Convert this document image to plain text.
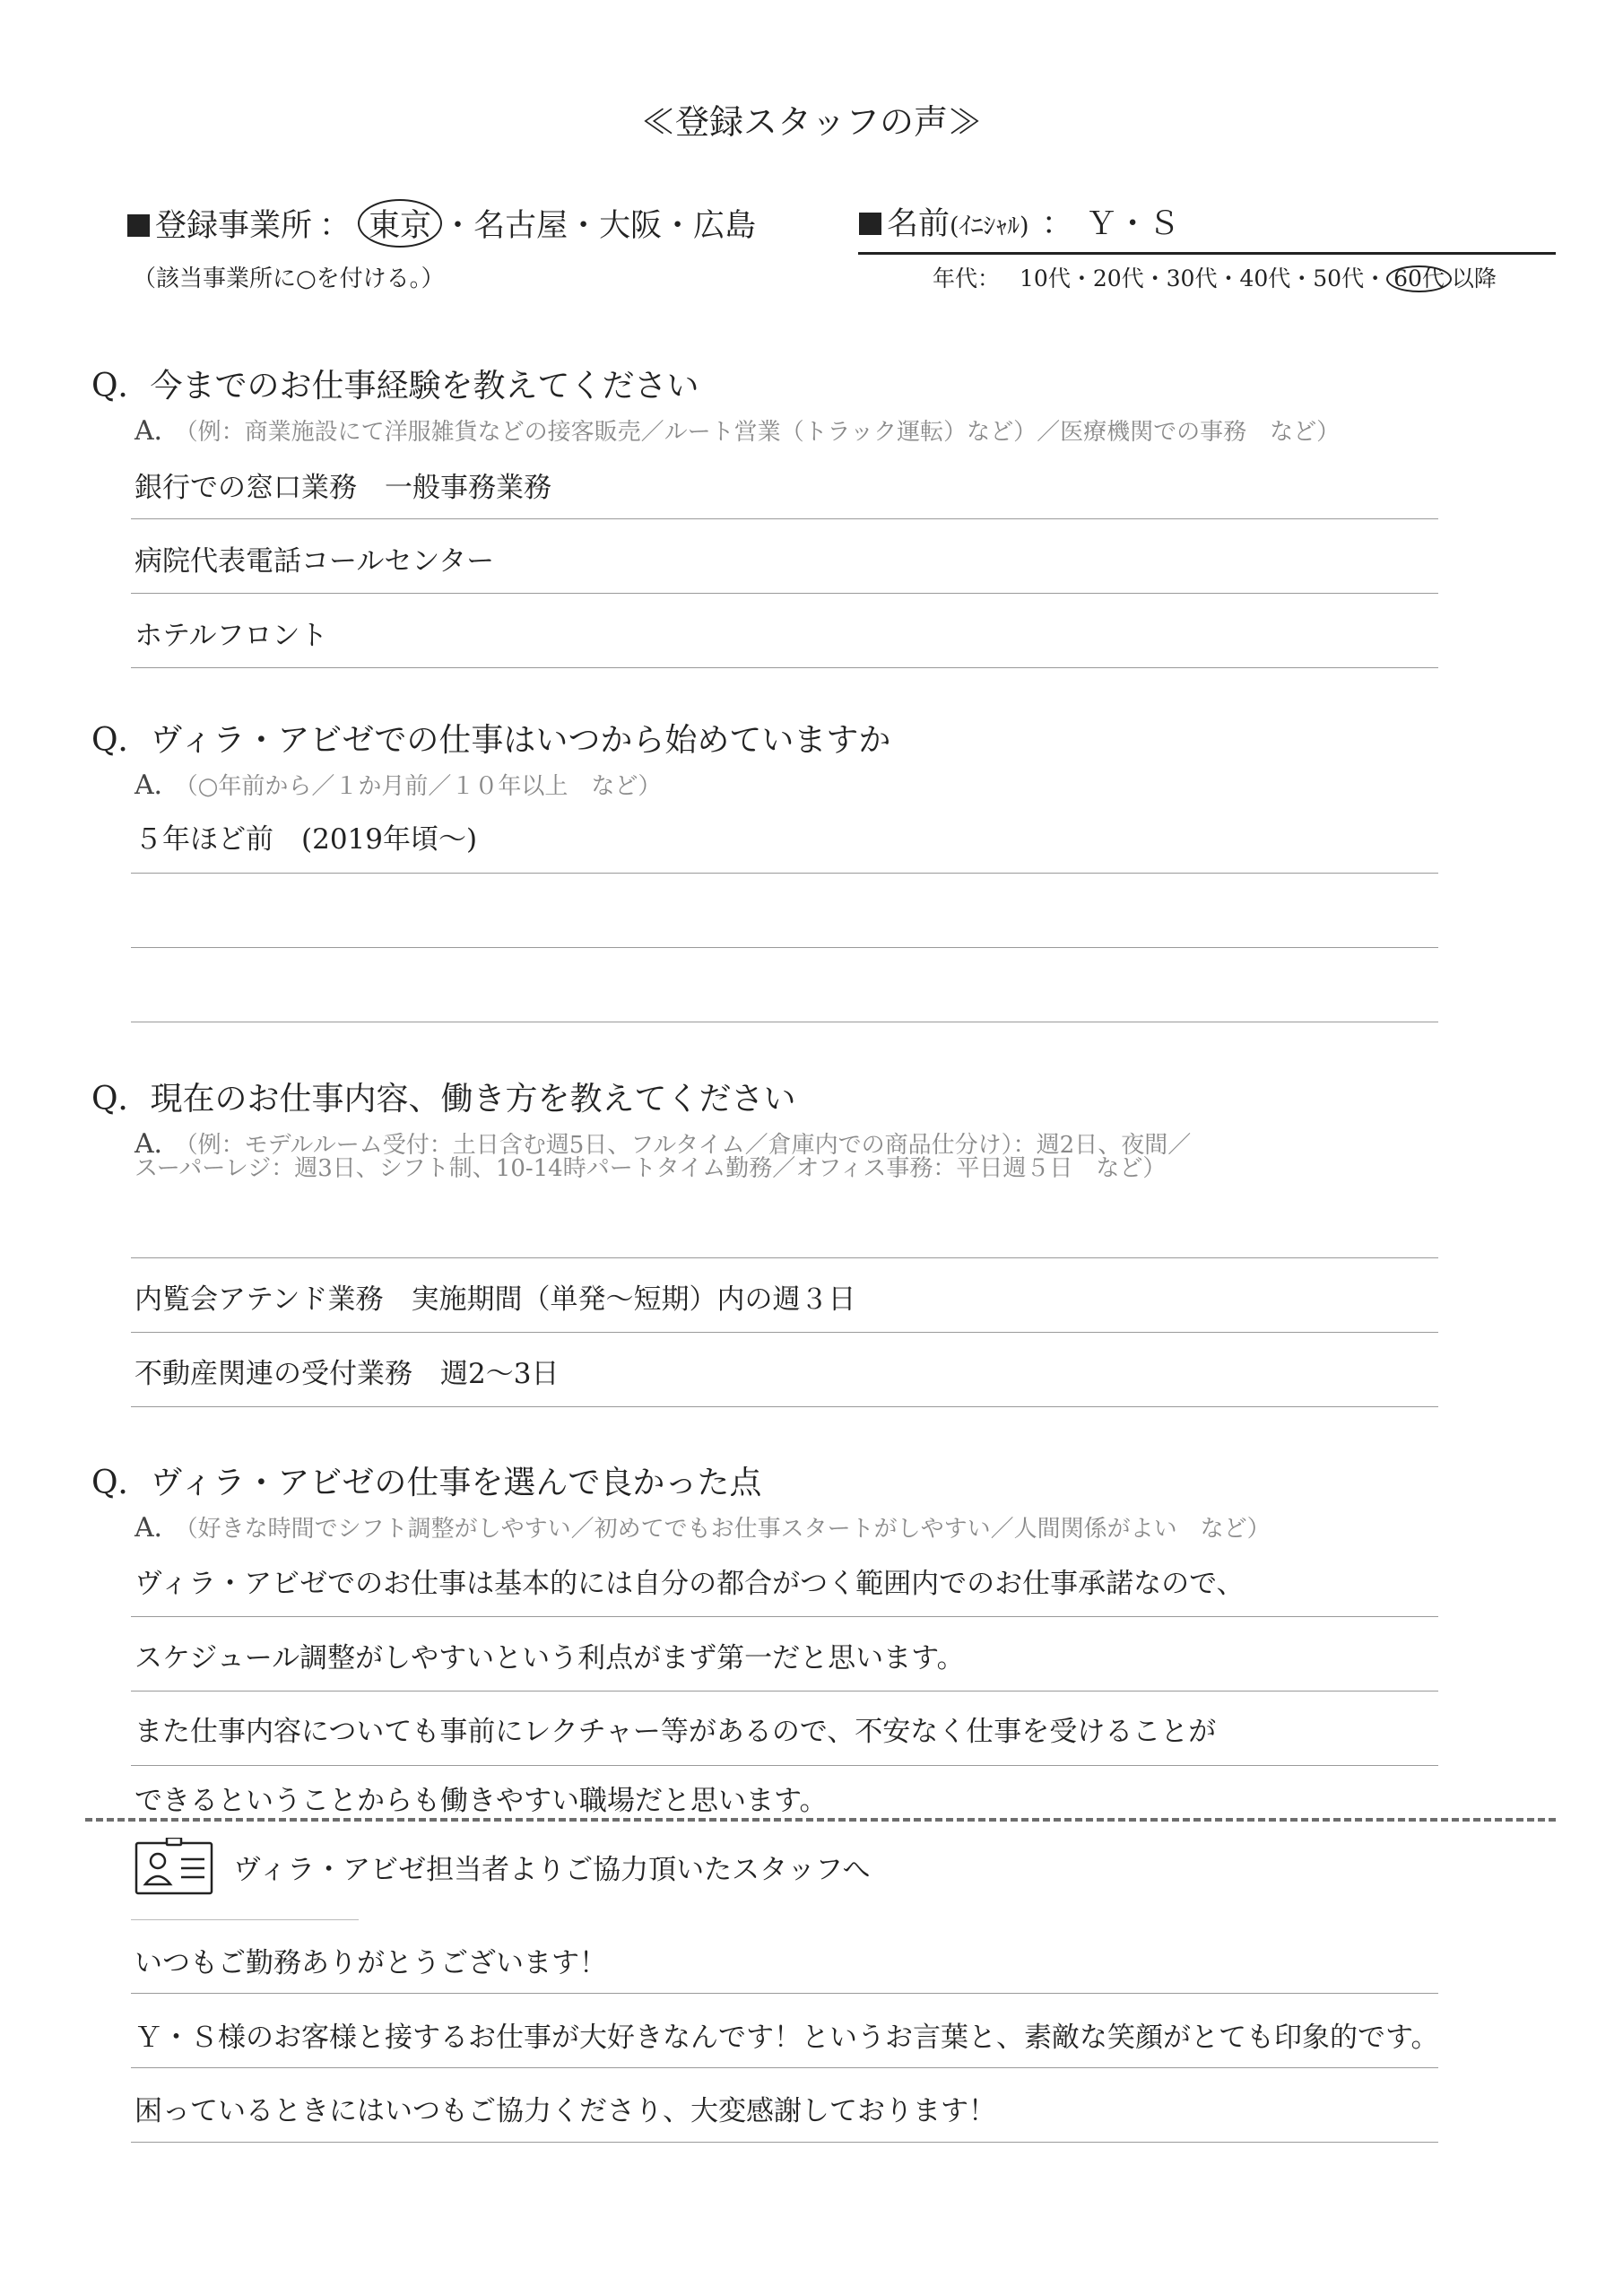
≪登録スタッフの声≫
登録事業所 ： 東京 ・名古屋・大阪・広島
（該当事業所に○を付ける。）
名前(ｲﾆｼｬﾙ) ： Ｙ・Ｓ
年代： 10代・20代・30代・40代・50代・ 60代 以降
Q．今までのお仕事経験を教えてください
A． （例：商業施設にて洋服雑貨などの接客販売／ルート営業（トラック運転）など）／医療機関での事務　など）
銀行での窓口業務　一般事務業務
病院代表電話コールセンター
ホテルフロント
Q．ヴィラ・アビゼでの仕事はいつから始めていますか
A． （○年前から／１か月前／１０年以上　など）
５年ほど前　(2019年頃～)
Q．現在のお仕事内容、働き方を教えてください
A． （例：モデルルーム受付：土日含む週5日、フルタイム／倉庫内での商品仕分け）：週2日、夜間／
スーパーレジ：週3日、シフト制、10-14時パートタイム勤務／オフィス事務：平日週５日　など）
内覧会アテンド業務　実施期間（単発～短期）内の週３日
不動産関連の受付業務　週2～3日
Q．ヴィラ・アビゼの仕事を選んで良かった点
A． （好きな時間でシフト調整がしやすい／初めてでもお仕事スタートがしやすい／人間関係がよい　など）
ヴィラ・アビゼでのお仕事は基本的には自分の都合がつく範囲内でのお仕事承諾なので、
スケジュール調整がしやすいという利点がまず第一だと思います。
また仕事内容についても事前にレクチャー等があるので、不安なく仕事を受けることが
できるということからも働きやすい職場だと思います。
ヴィラ・アビゼ担当者よりご協力頂いたスタッフへ
いつもご勤務ありがとうございます！
Ｙ・Ｓ様のお客様と接するお仕事が大好きなんです！というお言葉と、素敵な笑顔がとても印象的です。
困っているときにはいつもご協力くださり、大変感謝しております！
